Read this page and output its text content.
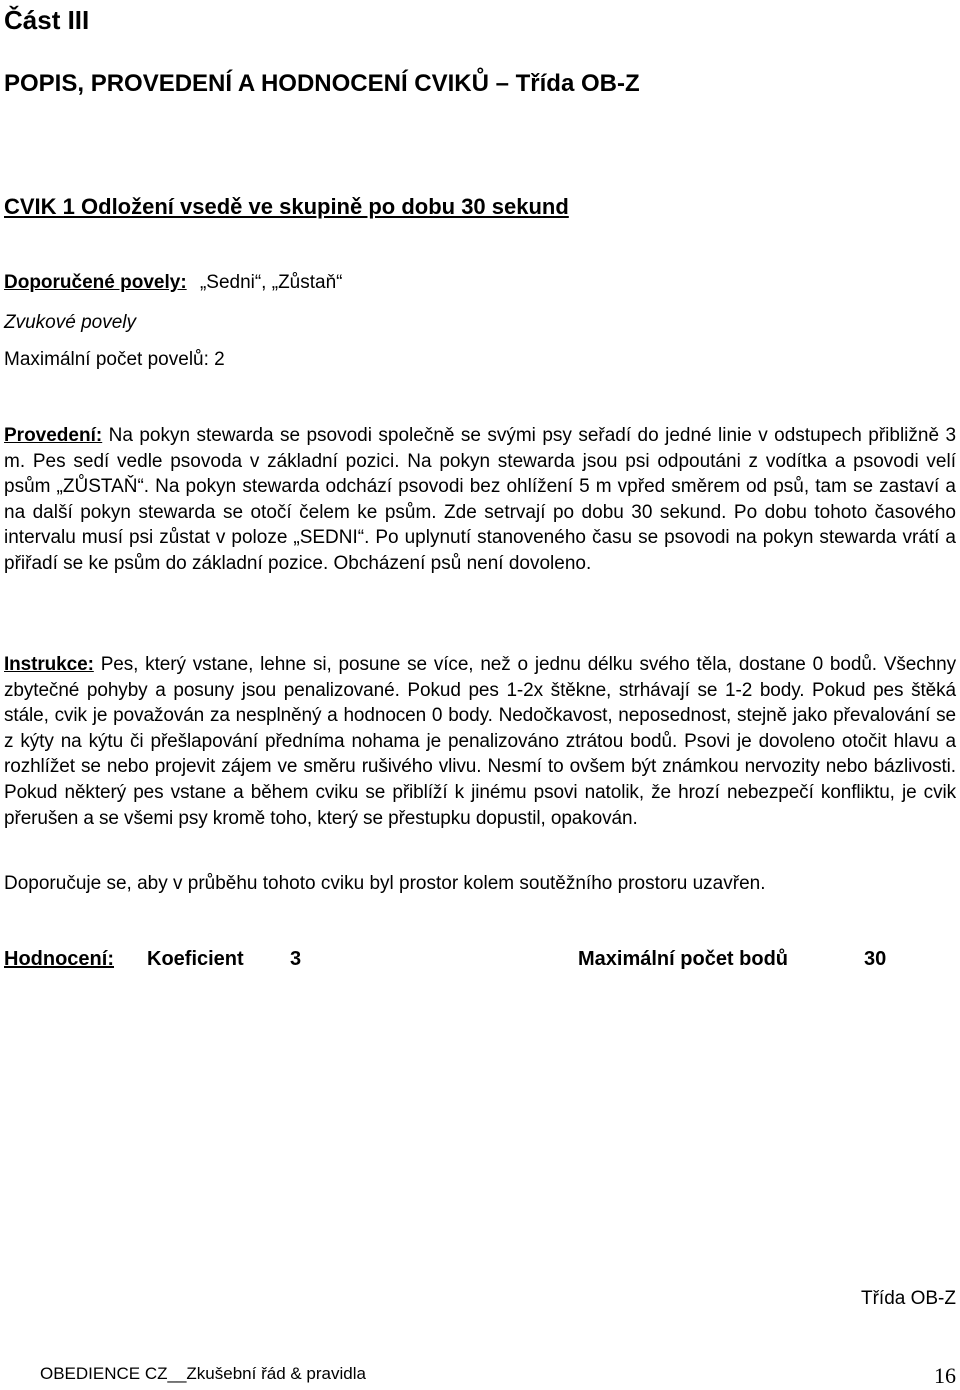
Část III
POPIS, PROVEDENÍ A HODNOCENÍ CVIKŮ – Třída OB-Z
CVIK 1 Odložení vsedě ve skupině po dobu 30 sekund
Doporučené povely: „Sedni“, „Zůstaň“
Zvukové povely
Maximální počet povelů: 2

Provedení: Na pokyn stewarda se psovodi společně se svými psy seřadí do jedné linie v odstupech přibližně 3 m. Pes sedí vedle psovoda v základní pozici. Na pokyn stewarda jsou psi odpoutáni z vodítka a psovodi velí psům „ZŮSTAŇ“. Na pokyn stewarda odchází psovodi bez ohlížení 5 m vpřed směrem od psů, tam se zastaví a na další pokyn stewarda se otočí čelem ke psům. Zde setrvají po dobu 30 sekund. Po dobu tohoto časového intervalu musí psi zůstat v poloze „SEDNI“. Po uplynutí stanoveného času se psovodi na pokyn stewarda vrátí a přiřadí se ke psům do základní pozice. Obcházení psů není dovoleno.

Instrukce: Pes, který vstane, lehne si, posune se více, než o jednu délku svého těla, dostane 0 bodů. Všechny zbytečné pohyby a posuny jsou penalizované. Pokud pes 1-2x štěkne, strhávají se 1-2 body. Pokud pes štěká stále, cvik je považován za nesplněný a hodnocen 0 body. Nedočkavost, neposednost, stejně jako převalování se z kýty na kýtu či přešlapování předníma nohama je penalizováno ztrátou bodů. Psovi je dovoleno otočit hlavu a rozhlížet se nebo projevit zájem ve směru rušivého vlivu. Nesmí to ovšem být známkou nervozity nebo bázlivosti. Pokud některý pes vstane a během cviku se přiblíží k jinému psovi natolik, že hrozí nebezpečí konfliktu, je cvik přerušen a se všemi psy kromě toho, který se přestupku dopustil, opakován.

Doporučuje se, aby v průběhu tohoto cviku byl prostor kolem soutěžního prostoru uzavřen.
Hodnocení: Koeficient 3	Maximální počet bodů	30
Třída OB-Z
OBEDIENCE CZ__Zkušební řád & pravidla	16
